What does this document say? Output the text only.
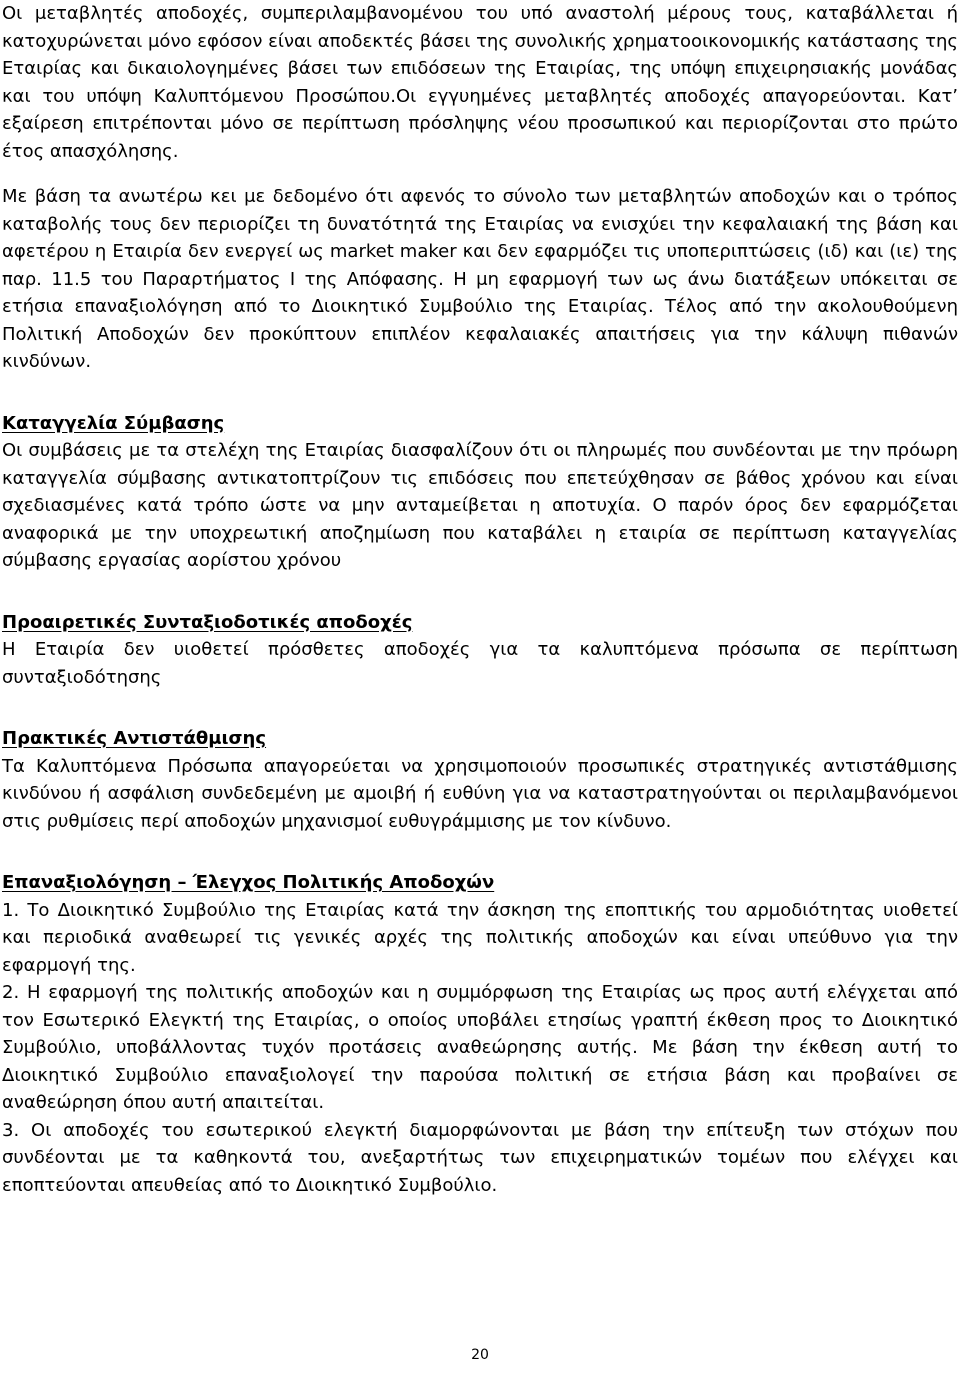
Οι μεταβλητές αποδοχές, συμπεριλαμβανομένου του υπό αναστολή μέρους τους, καταβάλλεται ή κατοχυρώνεται μόνο εφόσον είναι αποδεκτές βάσει της συνολικής χρηματοοικονομικής κατάστασης της Εταιρίας και δικαιολογημένες βάσει των επιδόσεων της Εταιρίας, της υπόψη επιχειρησιακής μονάδας και του υπόψη Καλυπτόμενου Προσώπου.Οι εγγυημένες μεταβλητές αποδοχές απαγορεύονται. Κατ’ εξαίρεση επιτρέπονται μόνο σε περίπτωση πρόσληψης νέου προσωπικού και περιορίζονται στο πρώτο έτος απασχόλησης.

Με βάση τα ανωτέρω κει με δεδομένο ότι αφενός το σύνολο των μεταβλητών αποδοχών και ο τρόπος καταβολής τους δεν περιορίζει τη δυνατότητά της Εταιρίας να ενισχύει την κεφαλαιακή της βάση και αφετέρου η Εταιρία δεν ενεργεί ως market maker και δεν εφαρμόζει τις υποπεριπτώσεις (ιδ) και (ιε) της παρ. 11.5 του Παραρτήματος Ι της Απόφασης. Η μη εφαρμογή των ως άνω διατάξεων υπόκειται σε ετήσια επαναξιολόγηση από το Διοικητικό Συμβούλιο της Εταιρίας. Τέλος από την ακολουθούμενη Πολιτική Αποδοχών δεν προκύπτουν επιπλέον κεφαλαιακές απαιτήσεις για την κάλυψη πιθανών κινδύνων.

Καταγγελία Σύμβασης

Οι συμβάσεις με τα στελέχη της Εταιρίας διασφαλίζουν ότι οι πληρωμές που συνδέονται με την πρόωρη καταγγελία σύμβασης αντικατοπτρίζουν τις επιδόσεις που επετεύχθησαν σε βάθος χρόνου και είναι σχεδιασμένες κατά τρόπο ώστε να μην ανταμείβεται η αποτυχία. Ο παρόν όρος δεν εφαρμόζεται αναφορικά με την υποχρεωτική αποζημίωση που καταβάλει η εταιρία σε περίπτωση καταγγελίας σύμβασης εργασίας αορίστου χρόνου

Προαιρετικές Συνταξιοδοτικές αποδοχές

Η Εταιρία δεν υιοθετεί πρόσθετες αποδοχές για τα καλυπτόμενα πρόσωπα σε περίπτωση συνταξιοδότησης

Πρακτικές Αντιστάθμισης

Τα Καλυπτόμενα Πρόσωπα απαγορεύεται να χρησιμοποιούν προσωπικές στρατηγικές αντιστάθμισης κινδύνου ή ασφάλιση συνδεδεμένη με αμοιβή ή ευθύνη για να καταστρατηγούνται οι περιλαμβανόμενοι στις ρυθμίσεις περί αποδοχών μηχανισμοί ευθυγράμμισης με τον κίνδυνο.

Επαναξιολόγηση – Έλεγχος Πολιτικής Αποδοχών

1. Το Διοικητικό Συμβούλιο της Εταιρίας κατά την άσκηση της εποπτικής του αρμοδιότητας υιοθετεί και περιοδικά αναθεωρεί τις γενικές αρχές της πολιτικής αποδοχών και είναι υπεύθυνο για την εφαρμογή της.

2. Η εφαρμογή της πολιτικής αποδοχών και η συμμόρφωση της Εταιρίας ως προς αυτή ελέγχεται από τον Εσωτερικό Ελεγκτή της Εταιρίας, ο οποίος υποβάλει ετησίως γραπτή έκθεση προς το Διοικητικό Συμβούλιο, υποβάλλοντας τυχόν προτάσεις αναθεώρησης αυτής. Με βάση την έκθεση αυτή το Διοικητικό Συμβούλιο επαναξιολογεί την παρούσα πολιτική σε ετήσια βάση και προβαίνει σε αναθεώρηση όπου αυτή απαιτείται.

3. Οι αποδοχές του εσωτερικού ελεγκτή διαμορφώνονται με βάση την επίτευξη των στόχων που συνδέονται με τα καθηκοντά του, ανεξαρτήτως των επιχειρηματικών τομέων που ελέγχει και εποπτεύονται απευθείας από το Διοικητικό Συμβούλιο.

20
